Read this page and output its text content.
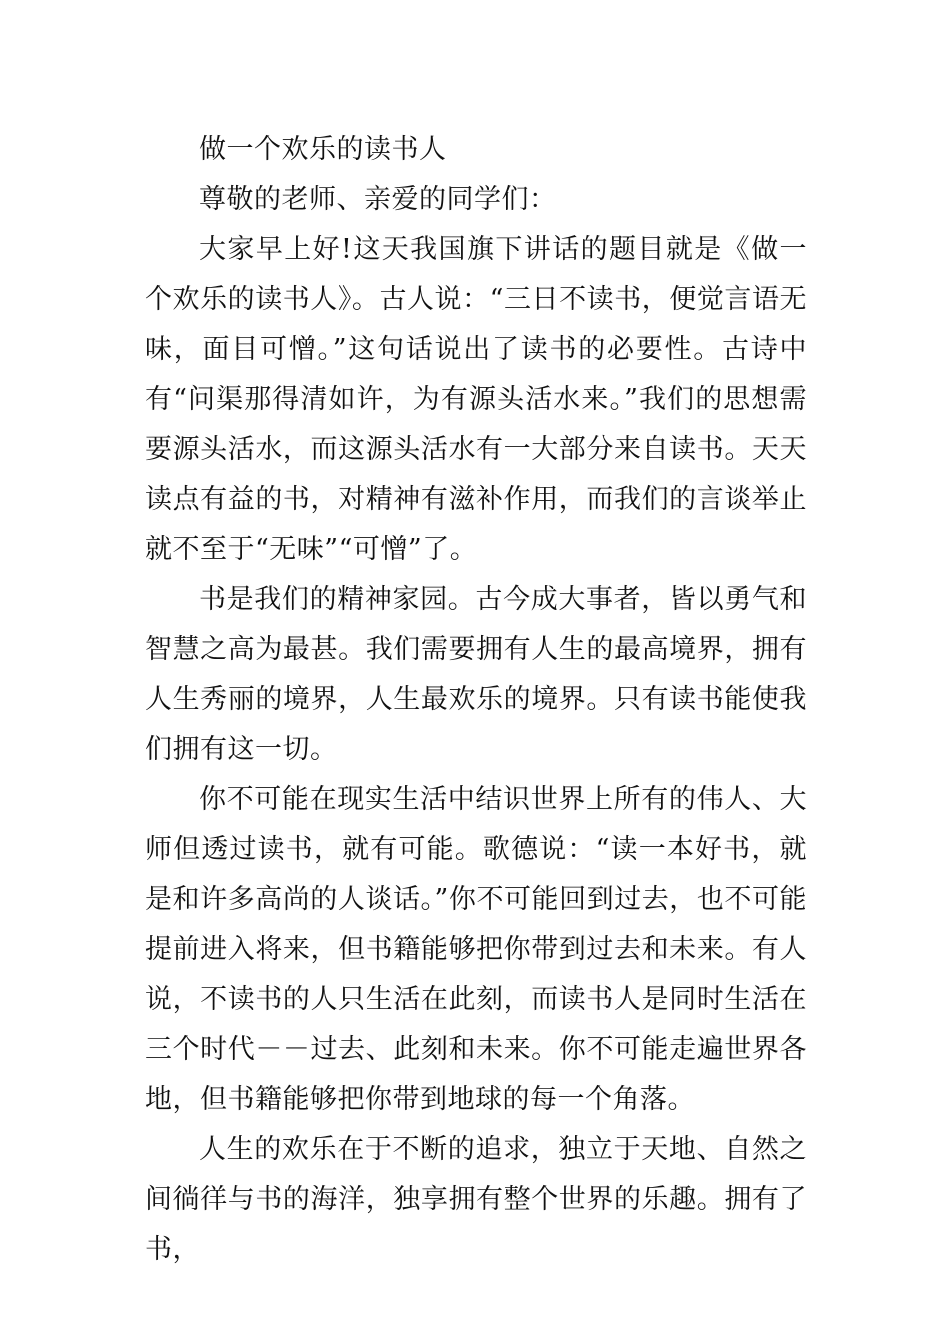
做一个欢乐的读书人

尊敬的老师、亲爱的同学们：

大家早上好!这天我国旗下讲话的题目就是《做一个欢乐的读书人》。古人说：“三日不读书，便觉言语无味，面目可憎。”这句话说出了读书的必要性。古诗中有“问渠那得清如许，为有源头活水来。”我们的思想需要源头活水，而这源头活水有一大部分来自读书。天天读点有益的书，对精神有滋补作用，而我们的言谈举止就不至于“无味”“可憎”了。

书是我们的精神家园。古今成大事者，皆以勇气和智慧之高为最甚。我们需要拥有人生的最高境界，拥有人生秀丽的境界，人生最欢乐的境界。只有读书能使我们拥有这一切。

你不可能在现实生活中结识世界上所有的伟人、大师但透过读书，就有可能。歌德说：“读一本好书，就是和许多高尚的人谈话。”你不可能回到过去，也不可能提前进入将来，但书籍能够把你带到过去和未来。有人说，不读书的人只生活在此刻，而读书人是同时生活在三个时代－－过去、此刻和未来。你不可能走遍世界各地，但书籍能够把你带到地球的每一个角落。

人生的欢乐在于不断的追求，独立于天地、自然之间徜徉与书的海洋，独享拥有整个世界的乐趣。拥有了书，
